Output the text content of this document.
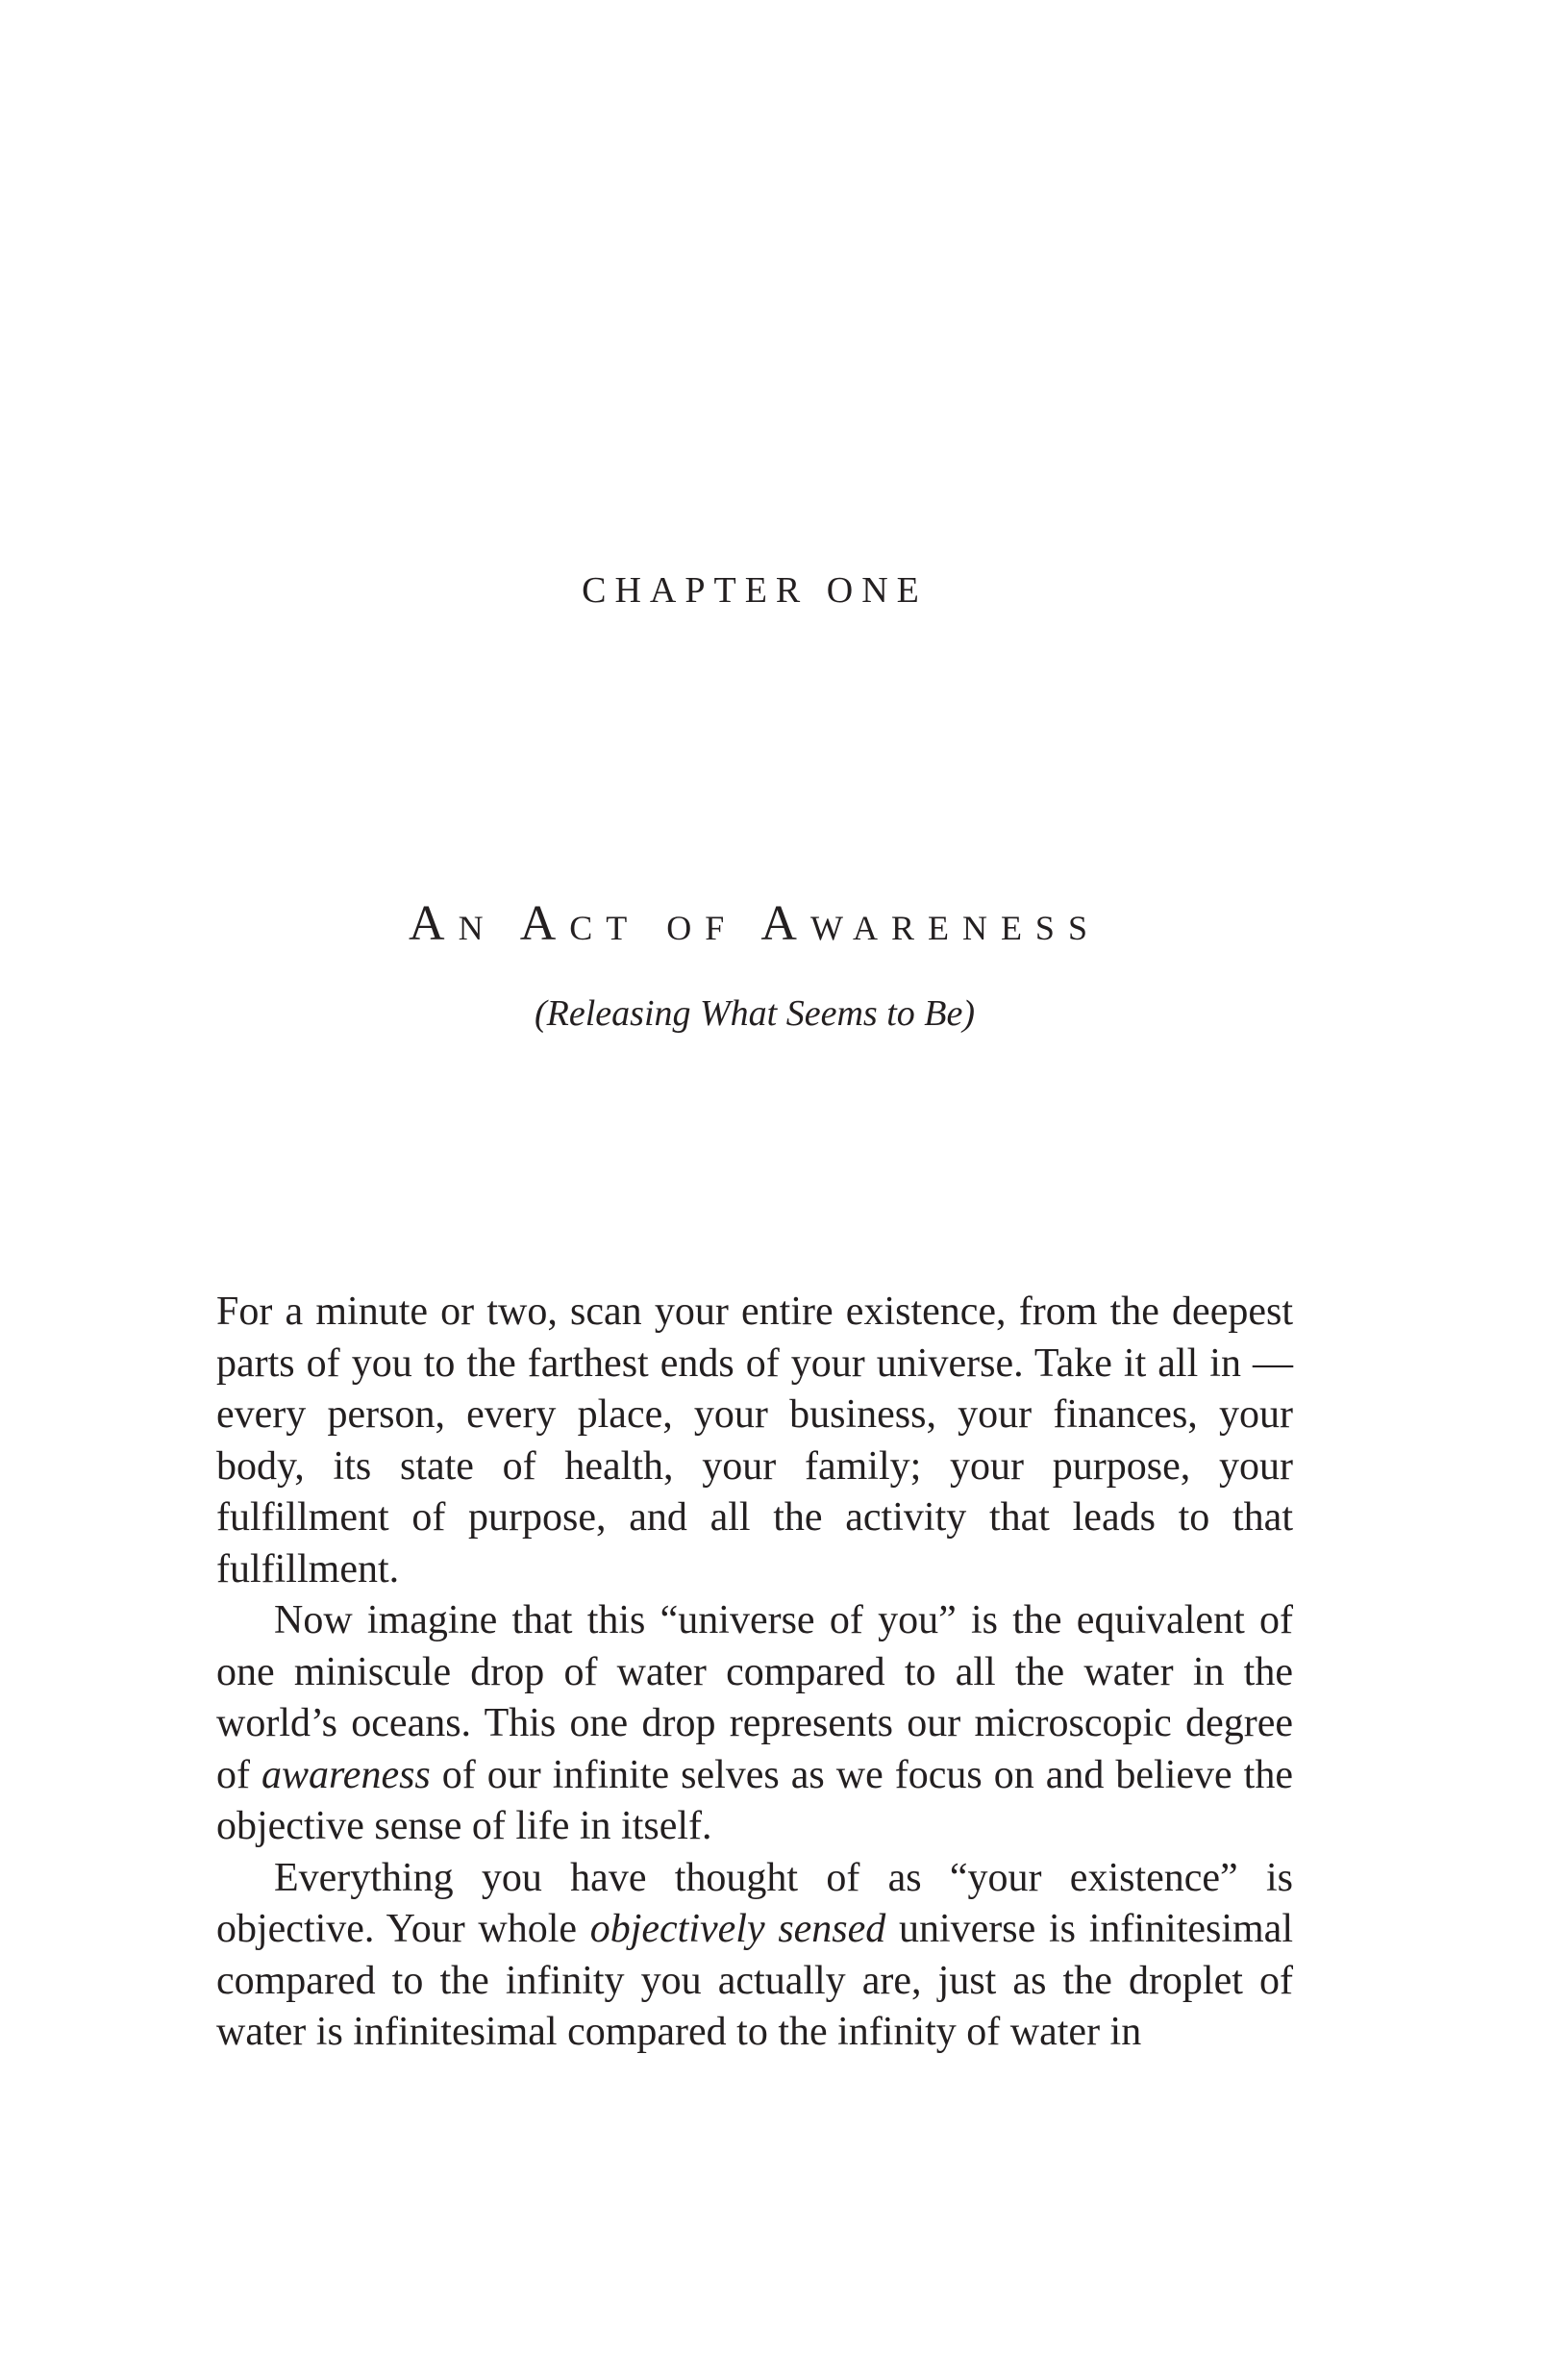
CHAPTER ONE
An Act of Awareness
(Releasing What Seems to Be)

For a minute or two, scan your entire existence, from the deepest parts of you to the farthest ends of your universe. Take it all in — every person, every place, your business, your finances, your body, its state of health, your family; your purpose, your fulfillment of purpose, and all the activity that leads to that fulfillment.

Now imagine that this “universe of you” is the equivalent of one miniscule drop of water compared to all the water in the world’s oceans. This one drop represents our microscopic degree of awareness of our infinite selves as we focus on and believe the objective sense of life in itself.

Everything you have thought of as “your existence” is objective. Your whole objectively sensed universe is infinitesimal compared to the infinity you actually are, just as the droplet of water is infinitesimal compared to the infinity of water in
